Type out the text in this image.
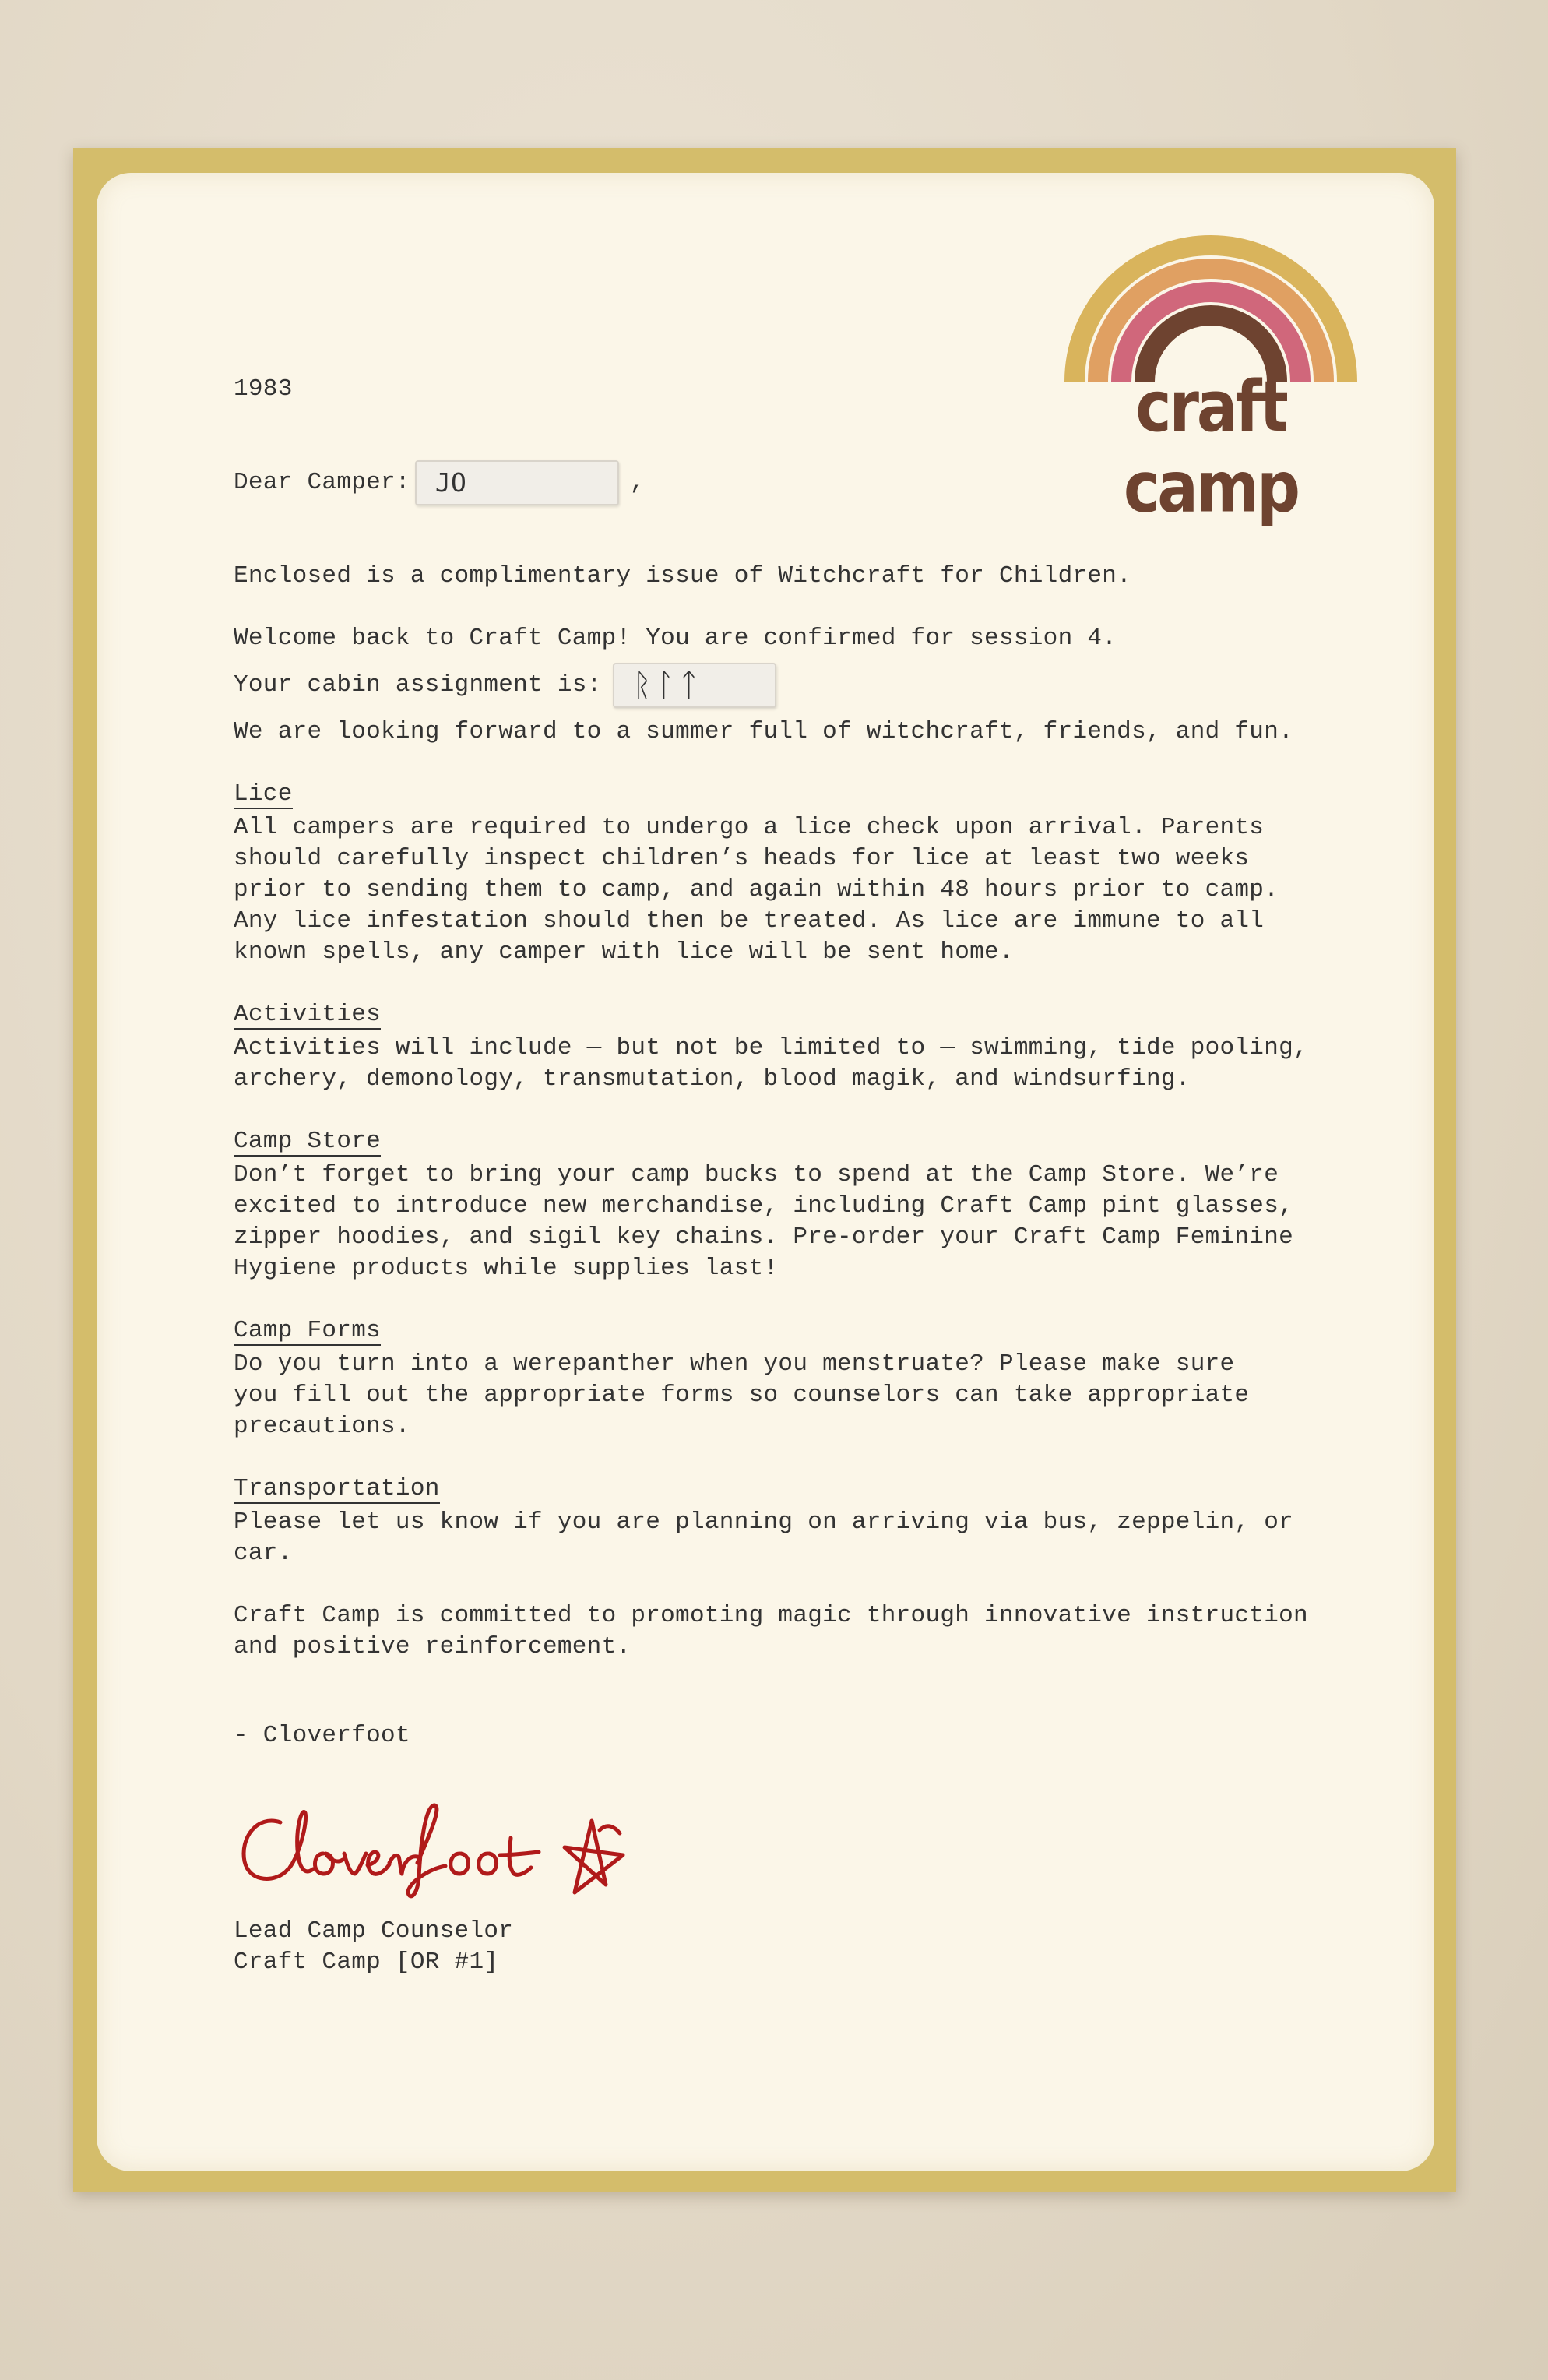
craft camp

1983

Dear Camper: JO	,

Enclosed is a complimentary issue of Witchcraft for Children.

Welcome back to Craft Camp! You are confirmed for session 4.

Your cabin assignment is:	ᚱᛚᛏ

We are looking forward to a summer full of witchcraft, friends, and fun.

Lice

All campers are required to undergo a lice check upon arrival. Parents

should carefully inspect children’s heads for lice at least two weeks

prior to sending them to camp, and again within 48 hours prior to camp.

Any lice infestation should then be treated. As lice are immune to all

known spells, any camper with lice will be sent home.

Activities

Activities will include — but not be limited to — swimming, tide pooling,

archery, demonology, transmutation, blood magik, and windsurfing.

Camp Store

Don’t forget to bring your camp bucks to spend at the Camp Store. We’re

excited to introduce new merchandise, including Craft Camp pint glasses,

zipper hoodies, and sigil key chains. Pre-order your Craft Camp Feminine

Hygiene products while supplies last!

Camp Forms

Do you turn into a werepanther when you menstruate? Please make sure

you fill out the appropriate forms so counselors can take appropriate

precautions.

Transportation

Please let us know if you are planning on arriving via bus, zeppelin, or

car.

Craft Camp is committed to promoting magic through innovative instruction

and positive reinforcement.

- Cloverfoot

Lead Camp Counselor

Craft Camp [OR #1]
